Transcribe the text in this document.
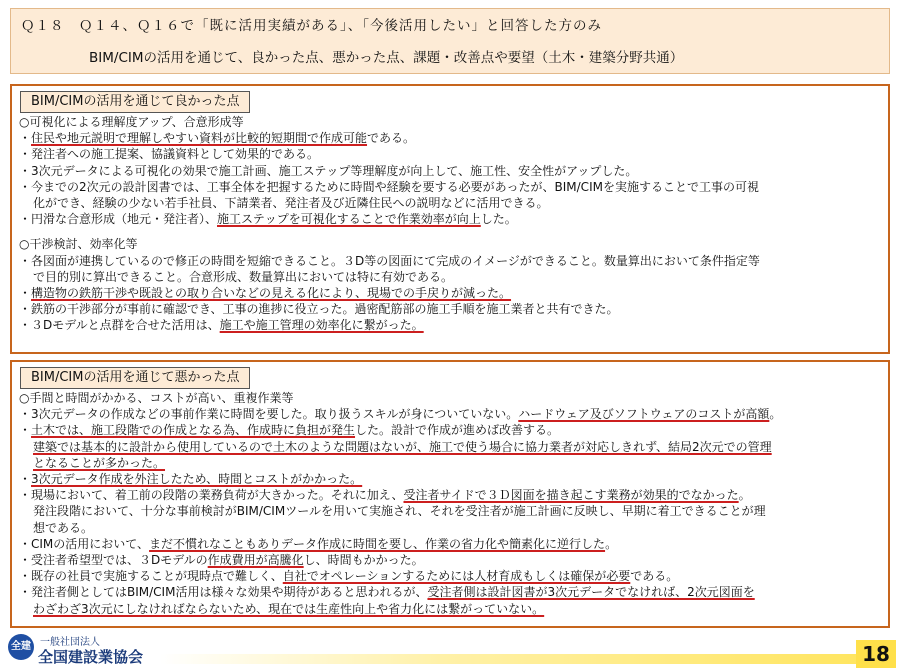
Ｑ１８　Ｑ１４、Ｑ１６で「既に活用実績がある」、「今後活用したい」と回答した方のみ
BIM/CIMの活用を通じて、良かった点、悪かった点、課題・改善点や要望（土木・建築分野共通）
BIM/CIMの活用を通じて良かった点
○可視化による理解度アップ、合意形成等
・住民や地元説明で理解しやすい資料が比較的短期間で作成可能である。
・発注者への施工提案、協議資料として効果的である。
・3次元データによる可視化の効果で施工計画、施工ステップ等理解度が向上して、施工性、安全性がアップした。
・今までの2次元の設計図書では、工事全体を把握するために時間や経験を要する必要があったが、BIM/CIMを実施することで工事の可視
化ができ、経験の少ない若手社員、下請業者、発注者及び近隣住民への説明などに活用できる。
・円滑な合意形成（地元・発注者）、施工ステップを可視化することで作業効率が向上した。
○干渉検討、効率化等
・各図面が連携しているので修正の時間を短縮できること。３D等の図面にて完成のイメージができること。数量算出において条件指定等
で目的別に算出できること。合意形成、数量算出においては特に有効である。
・構造物の鉄筋干渉や既設との取り合いなどの見える化により、現場での手戻りが減った。
・鉄筋の干渉部分が事前に確認でき、工事の進捗に役立った。過密配筋部の施工手順を施工業者と共有できた。
・３Dモデルと点群を合せた活用は、施工や施工管理の効率化に繋がった。
BIM/CIMの活用を通じて悪かった点
○手間と時間がかかる、コストが高い、重複作業等
・3次元データの作成などの事前作業に時間を要した。取り扱うスキルが身についていない。ハードウェア及びソフトウェアのコストが高額。
・土木では、施工段階での作成となる為、作成時に負担が発生した。設計で作成が進めば改善する。
建築では基本的に設計から使用しているので土木のような問題はないが、施工で使う場合に協力業者が対応しきれず、結局2次元での管理
となることが多かった。
・3次元データ作成を外注したため、時間とコストがかかった。
・現場において、着工前の段階の業務負荷が大きかった。それに加え、受注者サイドで３Ｄ図面を描き起こす業務が効果的でなかった。
発注段階において、十分な事前検討がBIM/CIMツールを用いて実施され、それを受注者が施工計画に反映し、早期に着工できることが理
想である。
・CIMの活用において、まだ不慣れなこともありデータ作成に時間を要し、作業の省力化や簡素化に逆行した。
・受注者希望型では、３Dモデルの作成費用が高騰化し、時間もかかった。
・既存の社員で実施することが現時点で難しく、自社でオペレーションするためには人材育成もしくは確保が必要である。
・発注者側としてはBIM/CIM活用は様々な効果や期待があると思われるが、受注者側は設計図書が3次元データでなければ、2次元図面を
わざわざ3次元にしなければならないため、現在では生産性向上や省力化には繋がっていない。
全建 一般社団法人
全国建設業協会	18
